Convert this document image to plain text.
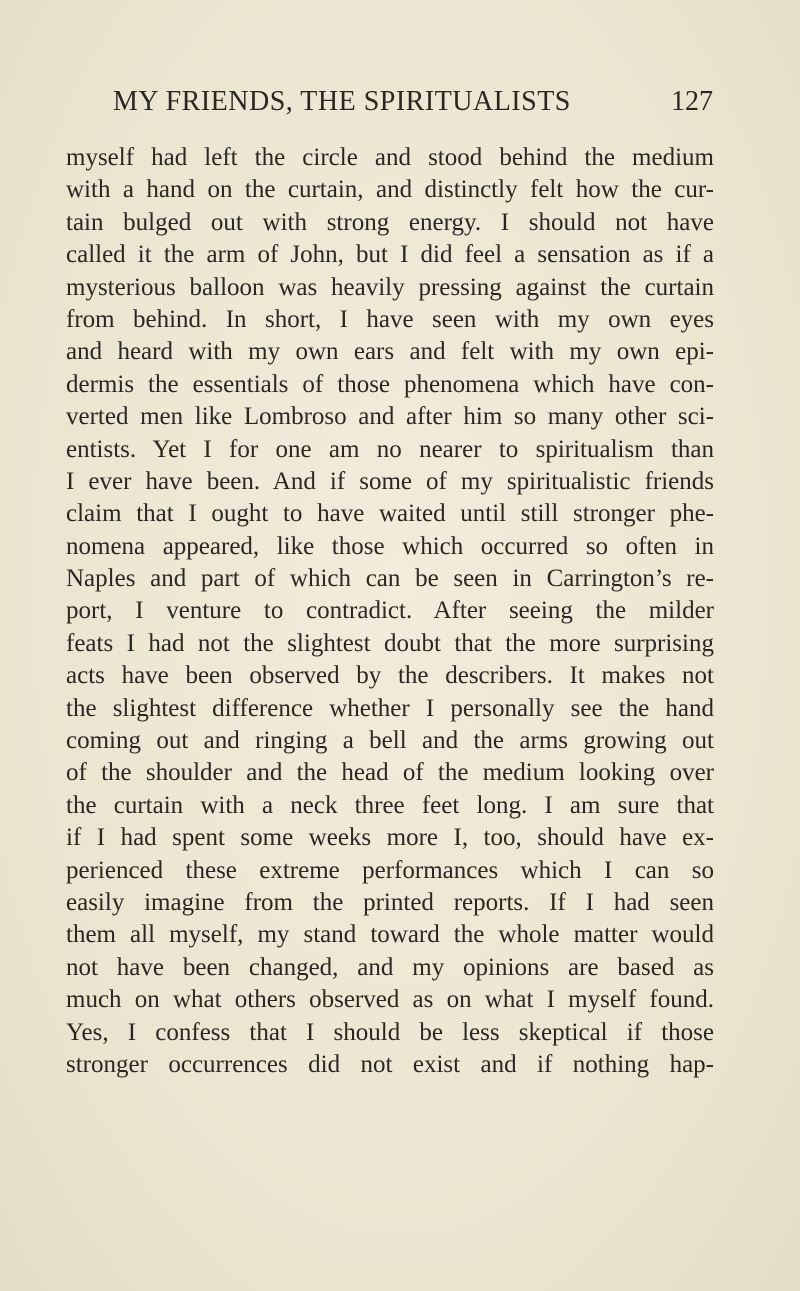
MY FRIENDS, THE SPIRITUALISTS	127
myself had left the circle and stood behind the medium
with a hand on the curtain, and distinctly felt how the cur-
tain bulged out with strong energy. I should not have
called it the arm of John, but I did feel a sensation as if a
mysterious balloon was heavily pressing against the curtain
from behind. In short, I have seen with my own eyes
and heard with my own ears and felt with my own epi-
dermis the essentials of those phenomena which have con-
verted men like Lombroso and after him so many other sci-
entists. Yet I for one am no nearer to spiritualism than
I ever have been. And if some of my spiritualistic friends
claim that I ought to have waited until still stronger phe-
nomena appeared, like those which occurred so often in
Naples and part of which can be seen in Carrington’s re-
port, I venture to contradict. After seeing the milder
feats I had not the slightest doubt that the more surprising
acts have been observed by the describers. It makes not
the slightest difference whether I personally see the hand
coming out and ringing a bell and the arms growing out
of the shoulder and the head of the medium looking over
the curtain with a neck three feet long. I am sure that
if I had spent some weeks more I, too, should have ex-
perienced these extreme performances which I can so
easily imagine from the printed reports. If I had seen
them all myself, my stand toward the whole matter would
not have been changed, and my opinions are based as
much on what others observed as on what I myself found.
Yes, I confess that I should be less skeptical if those
stronger occurrences did not exist and if nothing hap-
